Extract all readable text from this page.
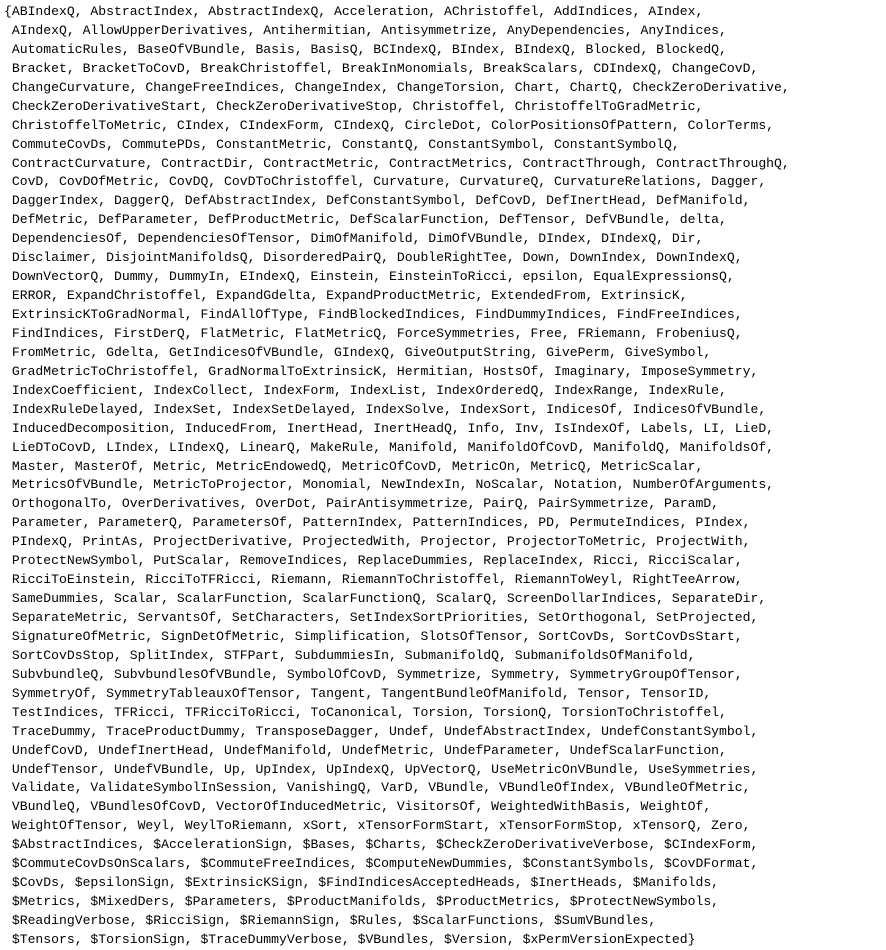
{ABIndexQ, AbstractIndex, AbstractIndexQ, Acceleration, AChristoffel, AddIndices, AIndex,
AIndexQ, AllowUpperDerivatives, Antihermitian, Antisymmetrize, AnyDependencies, AnyIndices,
AutomaticRules, BaseOfVBundle, Basis, BasisQ, BCIndexQ, BIndex, BIndexQ, Blocked, BlockedQ,
Bracket, BracketToCovD, BreakChristoffel, BreakInMonomials, BreakScalars, CDIndexQ, ChangeCovD,
ChangeCurvature, ChangeFreeIndices, ChangeIndex, ChangeTorsion, Chart, ChartQ, CheckZeroDerivative,
CheckZeroDerivativeStart, CheckZeroDerivativeStop, Christoffel, ChristoffelToGradMetric,
ChristoffelToMetric, CIndex, CIndexForm, CIndexQ, CircleDot, ColorPositionsOfPattern, ColorTerms,
CommuteCovDs, CommutePDs, ConstantMetric, ConstantQ, ConstantSymbol, ConstantSymbolQ,
ContractCurvature, ContractDir, ContractMetric, ContractMetrics, ContractThrough, ContractThroughQ,
CovD, CovDOfMetric, CovDQ, CovDToChristoffel, Curvature, CurvatureQ, CurvatureRelations, Dagger,
DaggerIndex, DaggerQ, DefAbstractIndex, DefConstantSymbol, DefCovD, DefInertHead, DefManifold,
DefMetric, DefParameter, DefProductMetric, DefScalarFunction, DefTensor, DefVBundle, delta,
DependenciesOf, DependenciesOfTensor, DimOfManifold, DimOfVBundle, DIndex, DIndexQ, Dir,
Disclaimer, DisjointManifoldsQ, DisorderedPairQ, DoubleRightTee, Down, DownIndex, DownIndexQ,
DownVectorQ, Dummy, DummyIn, EIndexQ, Einstein, EinsteinToRicci, epsilon, EqualExpressionsQ,
ERROR, ExpandChristoffel, ExpandGdelta, ExpandProductMetric, ExtendedFrom, ExtrinsicK,
ExtrinsicKToGradNormal, FindAllOfType, FindBlockedIndices, FindDummyIndices, FindFreeIndices,
FindIndices, FirstDerQ, FlatMetric, FlatMetricQ, ForceSymmetries, Free, FRiemann, FrobeniusQ,
FromMetric, Gdelta, GetIndicesOfVBundle, GIndexQ, GiveOutputString, GivePerm, GiveSymbol,
GradMetricToChristoffel, GradNormalToExtrinsicK, Hermitian, HostsOf, Imaginary, ImposeSymmetry,
IndexCoefficient, IndexCollect, IndexForm, IndexList, IndexOrderedQ, IndexRange, IndexRule,
IndexRuleDelayed, IndexSet, IndexSetDelayed, IndexSolve, IndexSort, IndicesOf, IndicesOfVBundle,
InducedDecomposition, InducedFrom, InertHead, InertHeadQ, Info, Inv, IsIndexOf, Labels, LI, LieD,
LieDToCovD, LIndex, LIndexQ, LinearQ, MakeRule, Manifold, ManifoldOfCovD, ManifoldQ, ManifoldsOf,
Master, MasterOf, Metric, MetricEndowedQ, MetricOfCovD, MetricOn, MetricQ, MetricScalar,
MetricsOfVBundle, MetricToProjector, Monomial, NewIndexIn, NoScalar, Notation, NumberOfArguments,
OrthogonalTo, OverDerivatives, OverDot, PairAntisymmetrize, PairQ, PairSymmetrize, ParamD,
Parameter, ParameterQ, ParametersOf, PatternIndex, PatternIndices, PD, PermuteIndices, PIndex,
PIndexQ, PrintAs, ProjectDerivative, ProjectedWith, Projector, ProjectorToMetric, ProjectWith,
ProtectNewSymbol, PutScalar, RemoveIndices, ReplaceDummies, ReplaceIndex, Ricci, RicciScalar,
RicciToEinstein, RicciToTFRicci, Riemann, RiemannToChristoffel, RiemannToWeyl, RightTeeArrow,
SameDummies, Scalar, ScalarFunction, ScalarFunctionQ, ScalarQ, ScreenDollarIndices, SeparateDir,
SeparateMetric, ServantsOf, SetCharacters, SetIndexSortPriorities, SetOrthogonal, SetProjected,
SignatureOfMetric, SignDetOfMetric, Simplification, SlotsOfTensor, SortCovDs, SortCovDsStart,
SortCovDsStop, SplitIndex, STFPart, SubdummiesIn, SubmanifoldQ, SubmanifoldsOfManifold,
SubvbundleQ, SubvbundlesOfVBundle, SymbolOfCovD, Symmetrize, Symmetry, SymmetryGroupOfTensor,
SymmetryOf, SymmetryTableauxOfTensor, Tangent, TangentBundleOfManifold, Tensor, TensorID,
TestIndices, TFRicci, TFRicciToRicci, ToCanonical, Torsion, TorsionQ, TorsionToChristoffel,
TraceDummy, TraceProductDummy, TransposeDagger, Undef, UndefAbstractIndex, UndefConstantSymbol,
UndefCovD, UndefInertHead, UndefManifold, UndefMetric, UndefParameter, UndefScalarFunction,
UndefTensor, UndefVBundle, Up, UpIndex, UpIndexQ, UpVectorQ, UseMetricOnVBundle, UseSymmetries,
Validate, ValidateSymbolInSession, VanishingQ, VarD, VBundle, VBundleOfIndex, VBundleOfMetric,
VBundleQ, VBundlesOfCovD, VectorOfInducedMetric, VisitorsOf, WeightedWithBasis, WeightOf,
WeightOfTensor, Weyl, WeylToRiemann, xSort, xTensorFormStart, xTensorFormStop, xTensorQ, Zero,
$AbstractIndices, $AccelerationSign, $Bases, $Charts, $CheckZeroDerivativeVerbose, $CIndexForm,
$CommuteCovDsOnScalars, $CommuteFreeIndices, $ComputeNewDummies, $ConstantSymbols, $CovDFormat,
$CovDs, $epsilonSign, $ExtrinsicKSign, $FindIndicesAcceptedHeads, $InertHeads, $Manifolds,
$Metrics, $MixedDers, $Parameters, $ProductManifolds, $ProductMetrics, $ProtectNewSymbols,
$ReadingVerbose, $RicciSign, $RiemannSign, $Rules, $ScalarFunctions, $SumVBundles,
$Tensors, $TorsionSign, $TraceDummyVerbose, $VBundles, $Version, $xPermVersionExpected}
